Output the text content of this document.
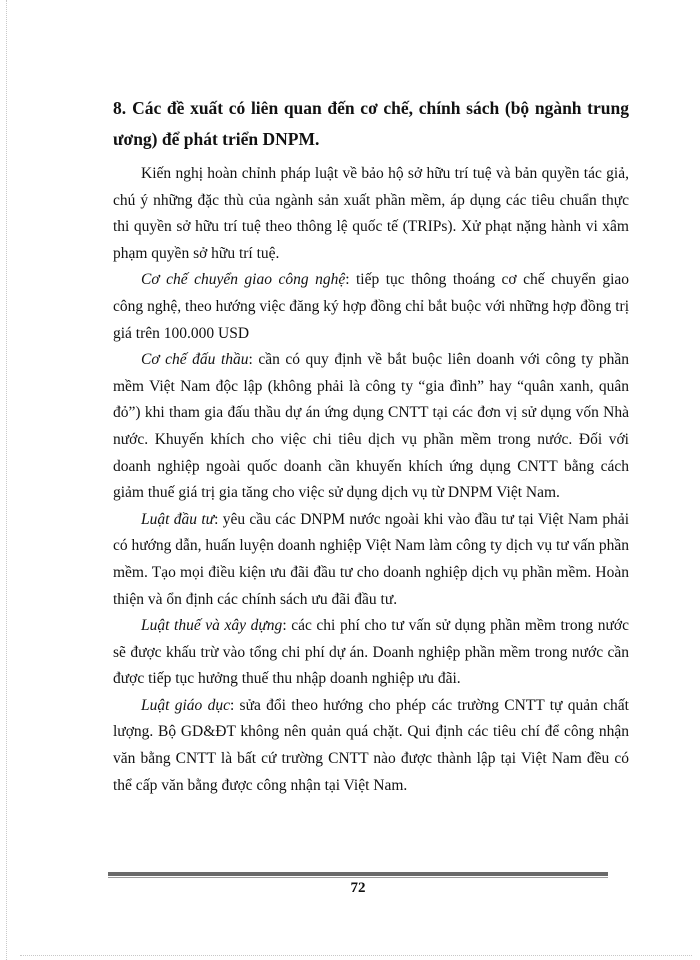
8. Các đề xuất có liên quan đến cơ chế, chính sách (bộ ngành trung ương) để phát triển DNPM.

Kiến nghị hoàn chỉnh pháp luật về bảo hộ sở hữu trí tuệ và bản quyền tác giả, chú ý những đặc thù của ngành sản xuất phần mềm, áp dụng các tiêu chuẩn thực thi quyền sở hữu trí tuệ theo thông lệ quốc tế (TRIPs). Xử phạt nặng hành vi xâm phạm quyền sở hữu trí tuệ.

Cơ chế chuyển giao công nghệ: tiếp tục thông thoáng cơ chế chuyển giao công nghệ, theo hướng việc đăng ký hợp đồng chỉ bắt buộc với những hợp đồng trị giá trên 100.000 USD

Cơ chế đấu thầu: cần có quy định về bắt buộc liên doanh với công ty phần mềm Việt Nam độc lập (không phải là công ty “gia đình” hay “quân xanh, quân đỏ”) khi tham gia đấu thầu dự án ứng dụng CNTT tại các đơn vị sử dụng vốn Nhà nước. Khuyến khích cho việc chi tiêu dịch vụ phần mềm trong nước. Đối với doanh nghiệp ngoài quốc doanh cần khuyến khích ứng dụng CNTT bằng cách giảm thuế giá trị gia tăng cho việc sử dụng dịch vụ từ DNPM Việt Nam.

Luật đầu tư: yêu cầu các DNPM nước ngoài khi vào đầu tư tại Việt Nam phải có hướng dẫn, huấn luyện doanh nghiệp Việt Nam làm công ty dịch vụ tư vấn phần mềm. Tạo mọi điều kiện ưu đãi đầu tư cho doanh nghiệp dịch vụ phần mềm. Hoàn thiện và ổn định các chính sách ưu đãi đầu tư.

Luật thuế và xây dựng: các chi phí cho tư vấn sử dụng phần mềm trong nước sẽ được khấu trừ vào tổng chi phí dự án. Doanh nghiệp phần mềm trong nước cần được tiếp tục hưởng thuế thu nhập doanh nghiệp ưu đãi.

Luật giáo dục: sửa đổi theo hướng cho phép các trường CNTT tự quản chất lượng. Bộ GD&ĐT không nên quản quá chặt. Qui định các tiêu chí để công nhận văn bằng CNTT là bất cứ trường CNTT nào được thành lập tại Việt Nam đều có thể cấp văn bằng được công nhận tại Việt Nam.

72
